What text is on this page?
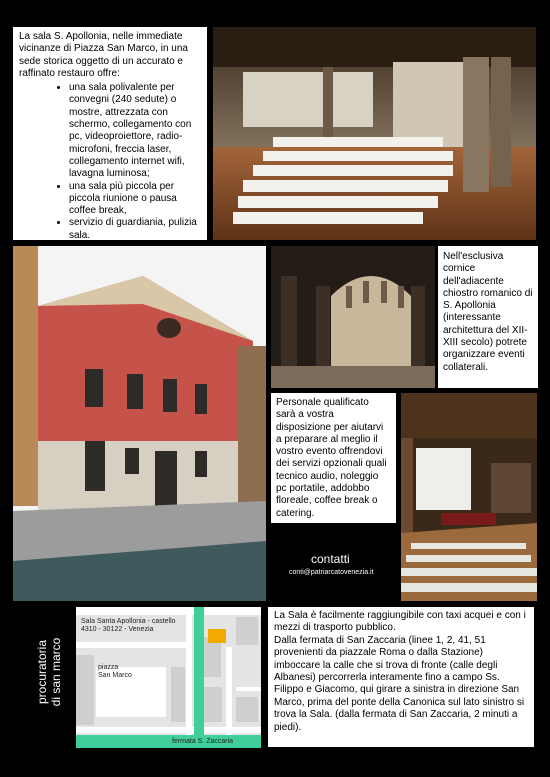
La sala S. Apollonia, nelle immediate vicinanze di Piazza San Marco, in una sede storica oggetto di un accurato e raffinato restauro offre:

• una sala polivalente per convegni (240 sedute) o mostre, attrezzata con schermo, collegamento con pc, videoproiettore, radio-microfoni, freccia laser, collegamento internet wifi, lavagna luminosa;
• una sala più piccola per piccola riunione o pausa coffee break,
• servizio di guardiania, pulizia sala.
Nell'esclusiva cornice dell'adiacente chiostro romanico di S. Apollonia (interessante architettura del XII-XIII secolo) potrete organizzare eventi collaterali.
Personale qualificato sarà a vostra disposizione per aiutarvi a preparare al meglio il vostro evento offrendovi dei servizi opzionali quali tecnico audio, noleggio pc portatile, addobbo floreale, coffee break o catering.
contatti
conti@patriarcatovenezia.it
procuratoria di san marco
Sala Santa Apollonia - castello
4310 - 30122 - Venezia
piazza
San Marco
fermata S. Zaccaria

La Sala è facilmente raggiungibile con taxi acquei e con i mezzi di trasporto pubblico.

Dalla fermata di San Zaccaria (linee 1, 2, 41, 51 provenienti da piazzale Roma o dalla Stazione) imboccare la calle che si trova di fronte (calle degli Albanesi) percorrerla interamente fino a campo Ss. Filippo e Giacomo, qui girare a sinistra in direzione San Marco, prima del ponte della Canonica sul lato sinistro si trova la Sala. (dalla fermata di San Zaccaria, 2 minuti a piedi).
